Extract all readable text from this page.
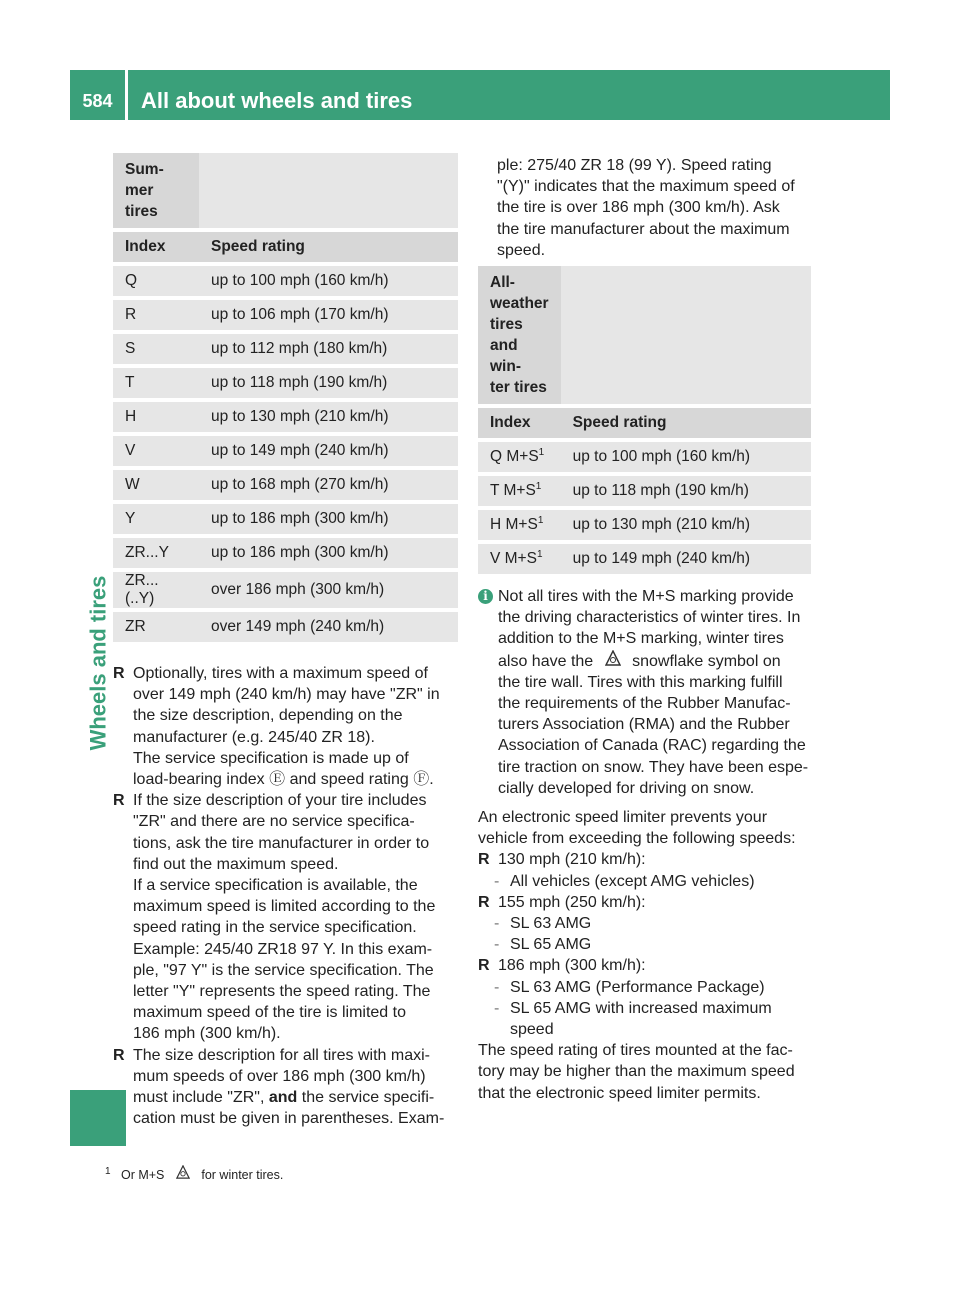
584	All about wheels and tires
Wheels and tires
Sum-
mer
tires	
Index	Speed rating
Q	up to 100 mph (160 km/h)
R	up to 106 mph (170 km/h)
S	up to 112 mph (180 km/h)
T	up to 118 mph (190 km/h)
H	up to 130 mph (210 km/h)
V	up to 149 mph (240 km/h)
W	up to 168 mph (270 km/h)
Y	up to 186 mph (300 km/h)
ZR...Y	up to 186 mph (300 km/h)
ZR...(..Y)	over 186 mph (300 km/h)
ZR	over 149 mph (240 km/h)
R Optionally, tires with a maximum speed of
over 149 mph (240 km/h) may have "ZR" in
the size description, depending on the
manufacturer (e.g. 245/40 ZR 18).
The service specification is made up of
load-bearing index Ⓔ and speed rating Ⓕ.
R If the size description of your tire includes
"ZR" and there are no service specifica-
tions, ask the tire manufacturer in order to
find out the maximum speed.
If a service specification is available, the
maximum speed is limited according to the
speed rating in the service specification.
Example: 245/40 ZR18 97 Y. In this exam-
ple, "97 Y" is the service specification. The
letter "Y" represents the speed rating. The
maximum speed of the tire is limited to
186 mph (300 km/h).
R The size description for all tires with maxi-
mum speeds of over 186 mph (300 km/h)
must include "ZR", and the service specifi-
cation must be given in parentheses. Exam-
ple: 275/40 ZR 18 (99 Y). Speed rating
"(Y)" indicates that the maximum speed of
the tire is over 186 mph (300 km/h). Ask
the tire manufacturer about the maximum
speed.
All-
weather
tires
and win-
ter tires	
Index	Speed rating
Q $M+S^1$	up to 100 mph (160 km/h)
T $M+S^1$	up to 118 mph (190 km/h)
H $M+S^1$	up to 130 mph (210 km/h)
V $M+S^1$	up to 149 mph (240 km/h)
i Not all tires with the M+S marking provide
the driving characteristics of winter tires. In
addition to the M+S marking, winter tires
also have the snowflake symbol on
the tire wall. Tires with this marking fulfill
the requirements of the Rubber Manufac-
turers Association (RMA) and the Rubber
Association of Canada (RAC) regarding the
tire traction on snow. They have been espe-
cially developed for driving on snow.
An electronic speed limiter prevents your
vehicle from exceeding the following speeds:
R 130 mph (210 km/h):
- All vehicles (except AMG vehicles)
R 155 mph (250 km/h):
- SL 63 AMG
- SL 65 AMG
R 186 mph (300 km/h):
- SL 63 AMG (Performance Package)
- SL 65 AMG with increased maximum
speed
The speed rating of tires mounted at the fac-
tory may be higher than the maximum speed
that the electronic speed limiter permits.
$^1$ Or M+S	for winter tires.
